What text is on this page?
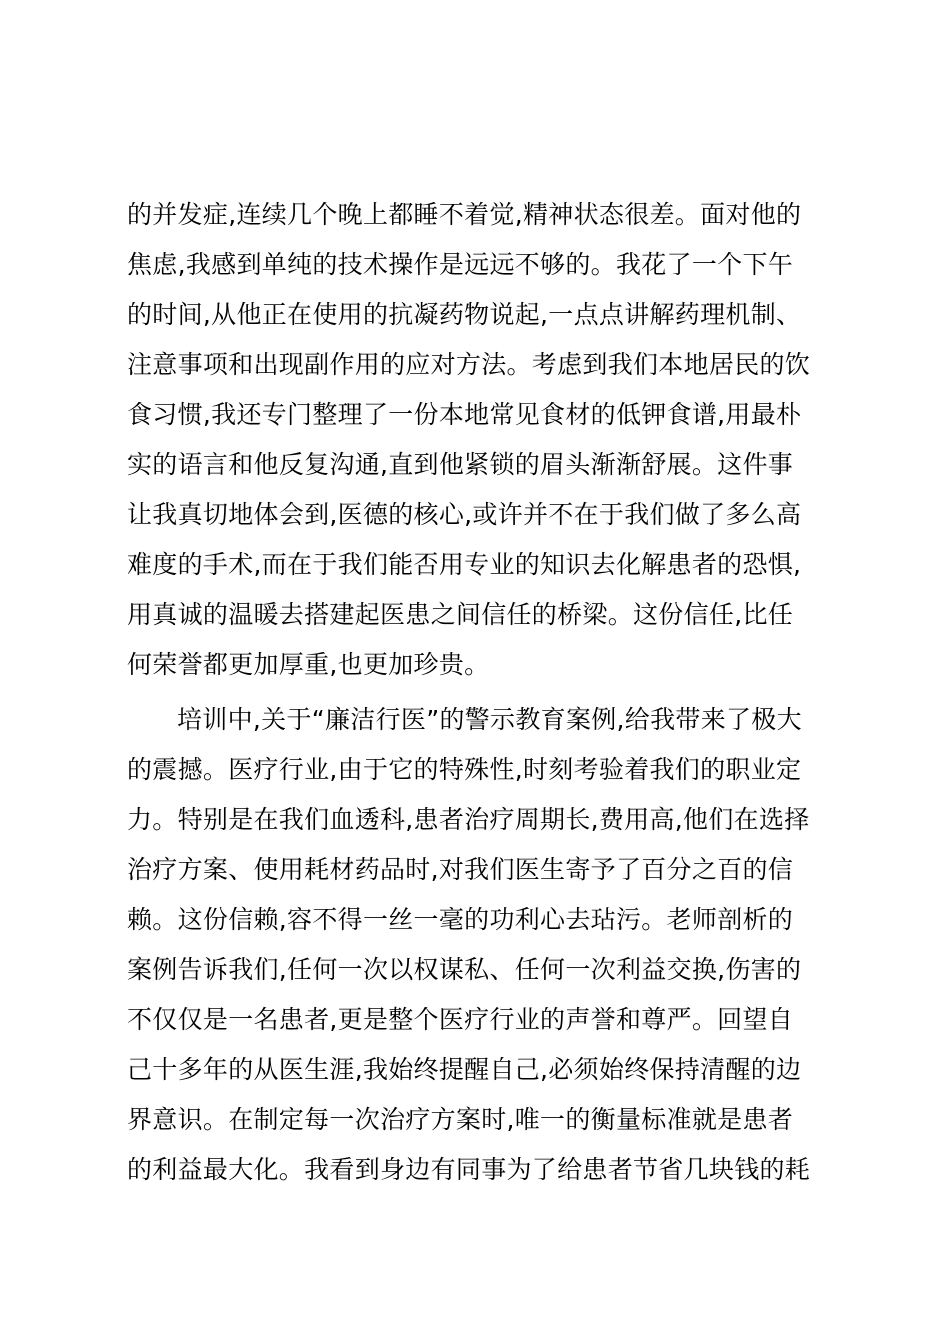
的并发症,连续几个晚上都睡不着觉,精神状态很差。面对他的
焦虑,我感到单纯的技术操作是远远不够的。我花了一个下午
的时间,从他正在使用的抗凝药物说起,一点点讲解药理机制、
注意事项和出现副作用的应对方法。考虑到我们本地居民的饮
食习惯,我还专门整理了一份本地常见食材的低钾食谱,用最朴
实的语言和他反复沟通,直到他紧锁的眉头渐渐舒展。这件事
让我真切地体会到,医德的核心,或许并不在于我们做了多么高
难度的手术,而在于我们能否用专业的知识去化解患者的恐惧,
用真诚的温暖去搭建起医患之间信任的桥梁。这份信任,比任
何荣誉都更加厚重,也更加珍贵。
培训中,关于“廉洁行医”的警示教育案例,给我带来了极大
的震撼。医疗行业,由于它的特殊性,时刻考验着我们的职业定
力。特别是在我们血透科,患者治疗周期长,费用高,他们在选择
治疗方案、使用耗材药品时,对我们医生寄予了百分之百的信
赖。这份信赖,容不得一丝一毫的功利心去玷污。老师剖析的
案例告诉我们,任何一次以权谋私、任何一次利益交换,伤害的
不仅仅是一名患者,更是整个医疗行业的声誉和尊严。回望自
己十多年的从医生涯,我始终提醒自己,必须始终保持清醒的边
界意识。在制定每一次治疗方案时,唯一的衡量标准就是患者
的利益最大化。我看到身边有同事为了给患者节省几块钱的耗
